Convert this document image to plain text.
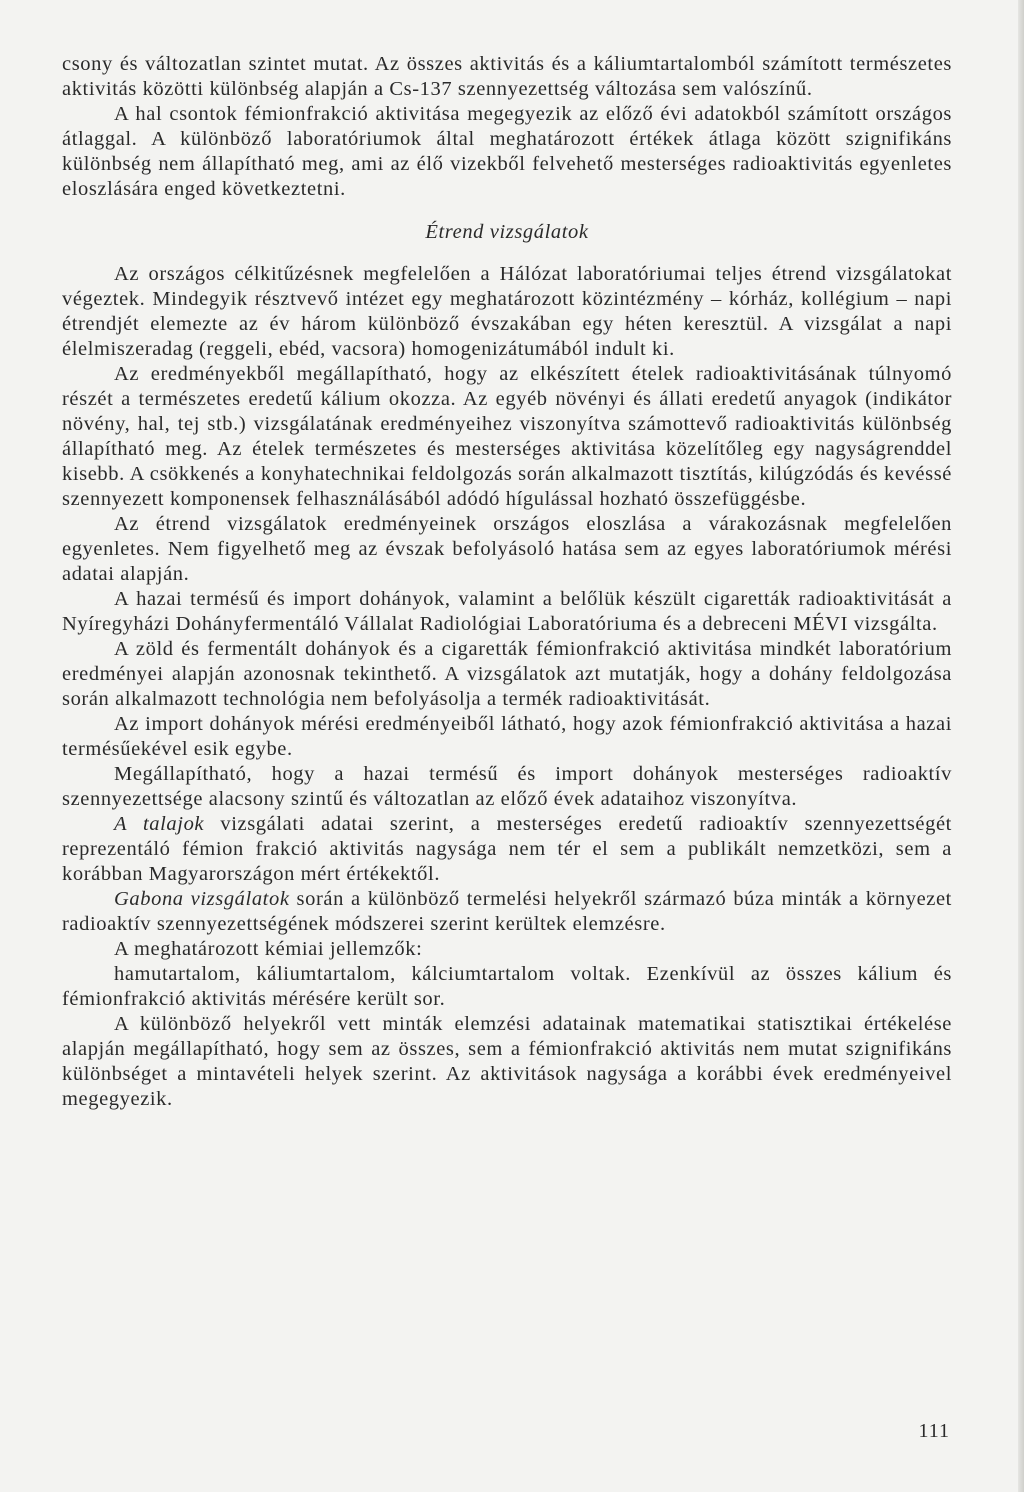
csony és változatlan szintet mutat. Az összes aktivitás és a káliumtartalomból számított természetes aktivitás közötti különbség alapján a Cs-137 szennyezettség változása sem valószínű.

A hal csontok fémionfrakció aktivitása megegyezik az előző évi adatokból számított országos átlaggal. A különböző laboratóriumok által meghatározott értékek átlaga között szignifikáns különbség nem állapítható meg, ami az élő vizekből felvehető mesterséges radioaktivitás egyenletes eloszlására enged következtetni.

Étrend vizsgálatok

Az országos célkitűzésnek megfelelően a Hálózat laboratóriumai teljes étrend vizsgálatokat végeztek. Mindegyik résztvevő intézet egy meghatározott közintézmény – kórház, kollégium – napi étrendjét elemezte az év három különböző évszakában egy héten keresztül. A vizsgálat a napi élelmiszeradag (reggeli, ebéd, vacsora) homogenizátumából indult ki.

Az eredményekből megállapítható, hogy az elkészített ételek radioaktivitásának túlnyomó részét a természetes eredetű kálium okozza. Az egyéb növényi és állati eredetű anyagok (indikátor növény, hal, tej stb.) vizsgálatának eredményeihez viszonyítva számottevő radioaktivitás különbség állapítható meg. Az ételek természetes és mesterséges aktivitása közelítőleg egy nagyságrenddel kisebb. A csökkenés a konyhatechnikai feldolgozás során alkalmazott tisztítás, kilúgzódás és kevéssé szennyezett komponensek felhasználásából adódó hígulással hozható összefüggésbe.

Az étrend vizsgálatok eredményeinek országos eloszlása a várakozásnak megfelelően egyenletes. Nem figyelhető meg az évszak befolyásoló hatása sem az egyes laboratóriumok mérési adatai alapján.

A hazai termésű és import dohányok, valamint a belőlük készült cigaretták radioaktivitását a Nyíregyházi Dohányfermentáló Vállalat Radiológiai Laboratóriuma és a debreceni MÉVI vizsgálta.

A zöld és fermentált dohányok és a cigaretták fémionfrakció aktivitása mindkét laboratórium eredményei alapján azonosnak tekinthető. A vizsgálatok azt mutatják, hogy a dohány feldolgozása során alkalmazott technológia nem befolyásolja a termék radioaktivitását.

Az import dohányok mérési eredményeiből látható, hogy azok fémionfrakció aktivitása a hazai termésűekével esik egybe.

Megállapítható, hogy a hazai termésű és import dohányok mesterséges radioaktív szennyezettsége alacsony szintű és változatlan az előző évek adataihoz viszonyítva.

A talajok vizsgálati adatai szerint, a mesterséges eredetű radioaktív szennyezettségét reprezentáló fémion frakció aktivitás nagysága nem tér el sem a publikált nemzetközi, sem a korábban Magyarországon mért értékektől.

Gabona vizsgálatok során a különböző termelési helyekről származó búza minták a környezet radioaktív szennyezettségének módszerei szerint kerültek elemzésre.

A meghatározott kémiai jellemzők:

hamutartalom, káliumtartalom, kálciumtartalom voltak. Ezenkívül az összes kálium és fémionfrakció aktivitás mérésére került sor.

A különböző helyekről vett minták elemzési adatainak matematikai statisztikai értékelése alapján megállapítható, hogy sem az összes, sem a fémionfrakció aktivitás nem mutat szignifikáns különbséget a mintavételi helyek szerint. Az aktivitások nagysága a korábbi évek eredményeivel megegyezik.

111
